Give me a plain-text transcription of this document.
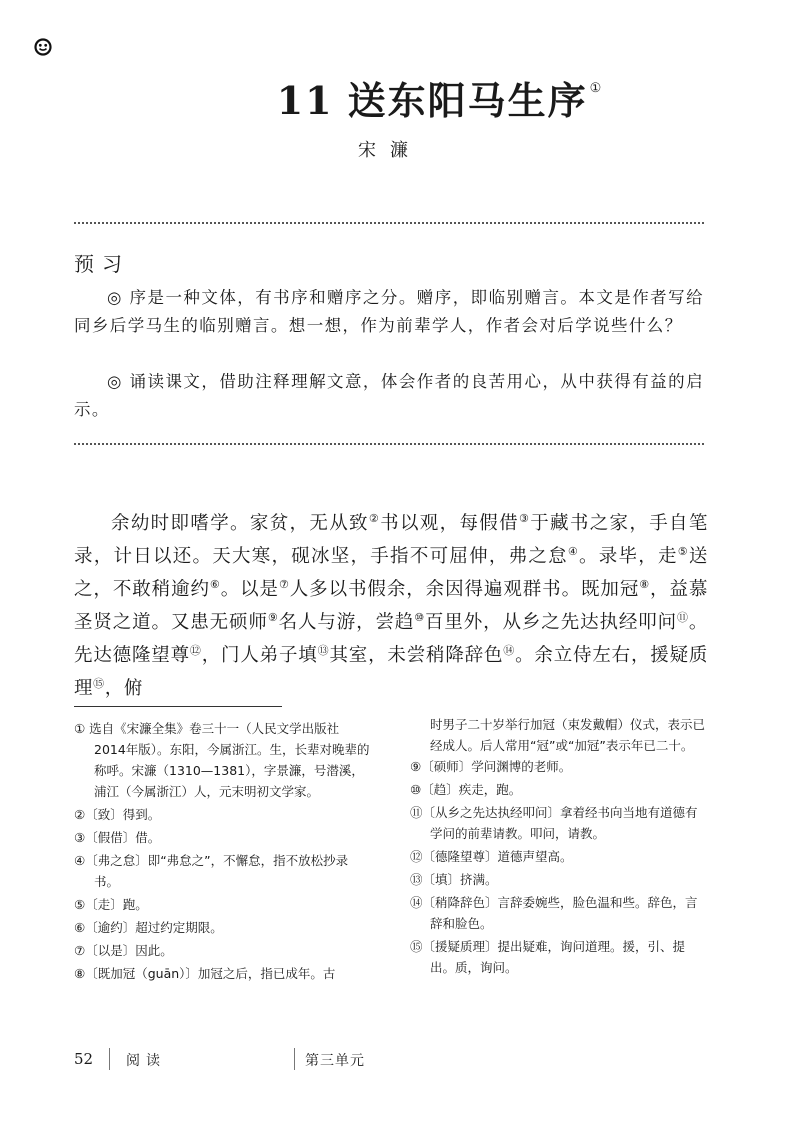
11 送东阳马生序 ①
宋濂
预习

◎ 序是一种文体，有书序和赠序之分。赠序，即临别赠言。本文是作者写给同乡后学马生的临别赠言。想一想，作为前辈学人，作者会对后学说些什么？

◎ 诵读课文，借助注释理解文意，体会作者的良苦用心，从中获得有益的启示。

余幼时即嗜学。家贫，无从致②书以观，每假借③于藏书之家，手自笔录，计日以还。天大寒，砚冰坚，手指不可屈伸，弗之怠④。录毕，走⑤送之，不敢稍逾约⑥。以是⑦人多以书假余，余因得遍观群书。既加冠⑧，益慕圣贤之道。又患无硕师⑨名人与游，尝趋⑩百里外，从乡之先达执经叩问⑪。先达德隆望尊⑫，门人弟子填⑬其室，未尝稍降辞色⑭。余立侍左右，援疑质理⑮，俯

① 选自《宋濂全集》卷三十一（人民文学出版社2014年版）。东阳，今属浙江。生，长辈对晚辈的称呼。宋濂（1310—1381），字景濂，号潜溪，浦江（今属浙江）人，元末明初文学家。

②〔致〕得到。

③〔假借〕借。

④〔弗之怠〕即“弗怠之”，不懈怠，指不放松抄录书。

⑤〔走〕跑。

⑥〔逾约〕超过约定期限。

⑦〔以是〕因此。

⑧〔既加冠（guān）〕加冠之后，指已成年。古

时男子二十岁举行加冠（束发戴帽）仪式，表示已经成人。后人常用“冠”或“加冠”表示年已二十。

⑨〔硕师〕学问渊博的老师。

⑩〔趋〕疾走，跑。

⑪〔从乡之先达执经叩问〕拿着经书向当地有道德有学问的前辈请教。叩问，请教。

⑫〔德隆望尊〕道德声望高。

⑬〔填〕挤满。

⑭〔稍降辞色〕言辞委婉些，脸色温和些。辞色，言辞和脸色。

⑮〔援疑质理〕提出疑难，询问道理。援，引、提出。质，询问。

52 阅读	第三单元
